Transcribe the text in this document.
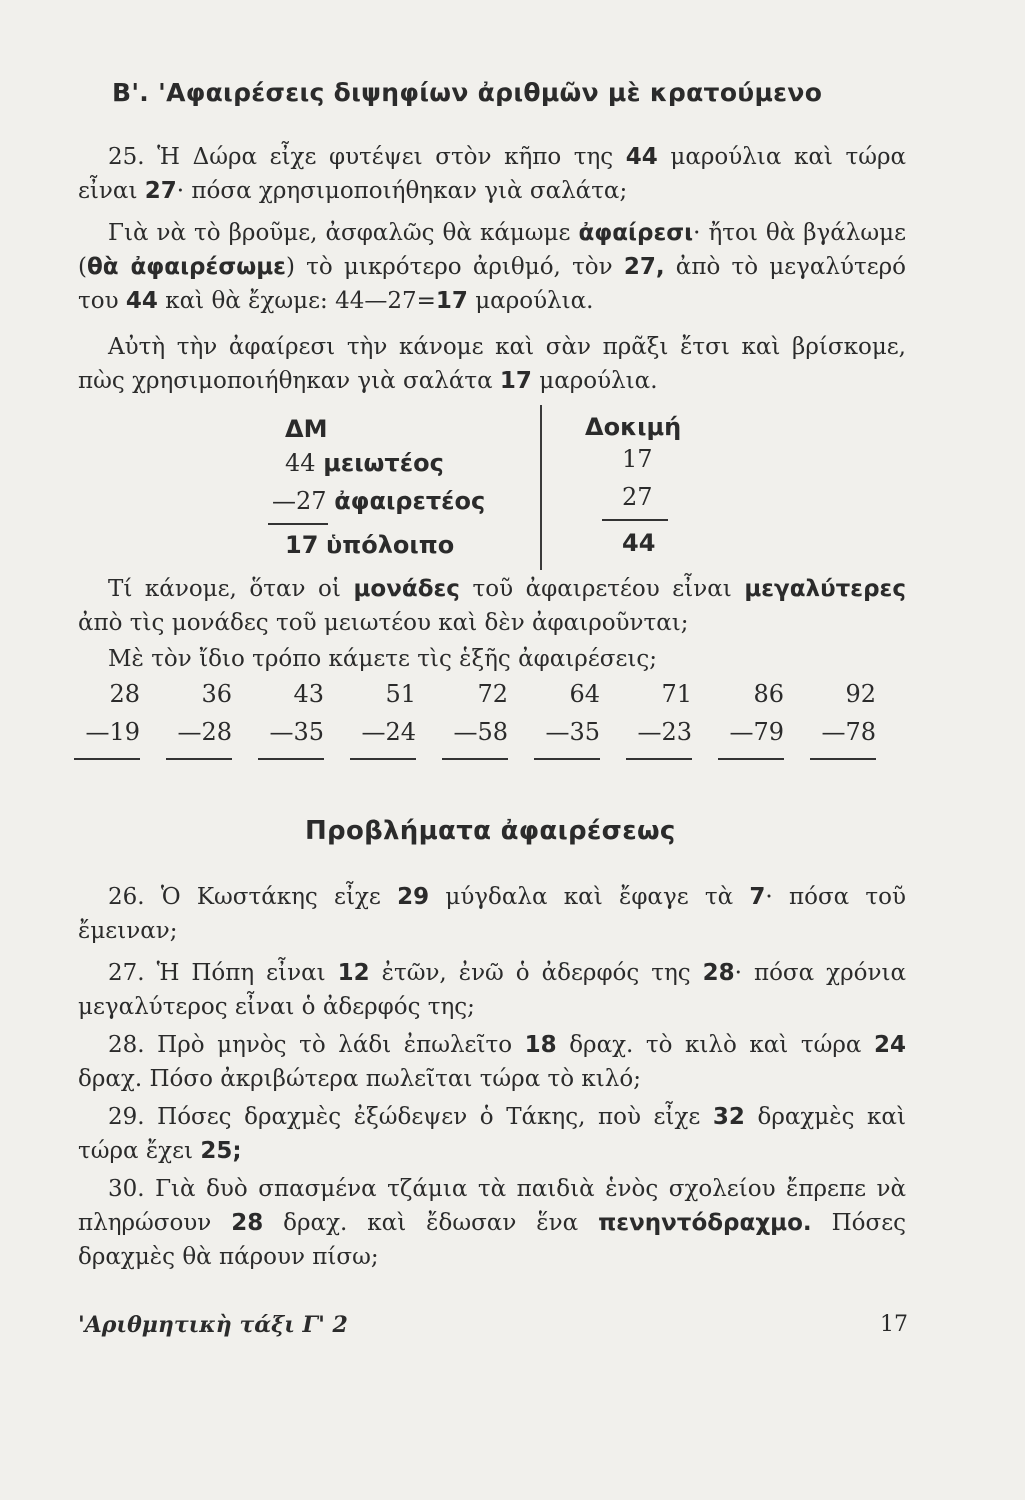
Β'. 'Αφαιρέσεις διψηφίων ἀριθμῶν μὲ κρατούμενο
25. Ἡ Δώρα εἶχε φυτέψει στὸν κῆπο της 44 μαρούλια καὶ τώρα εἶναι 27· πόσα χρησιμοποιήθηκαν γιὰ σαλάτα;
Γιὰ νὰ τὸ βροῦμε, ἀσφαλῶς θὰ κάμωμε ἀφαίρεσι· ἤτοι θὰ βγάλωμε (θὰ ἀφαιρέσωμε) τὸ μικρότερο ἀριθμό, τὸν 27, ἀπὸ τὸ μεγαλύτερό του 44 καὶ θὰ ἔχωμε: 44—27=17 μαρούλια.
Αὐτὴ τὴν ἀφαίρεσι τὴν κάνομε καὶ σὰν πρᾶξι ἔτσι καὶ βρίσκομε, πὼς χρησιμοποιήθηκαν γιὰ σαλάτα 17 μαρούλια.
ΔΜ	Δοκιμή
44 μειωτέος
—27 ἀφαιρετέος
17 ὑπόλοιπο
17
27
44
Τί κάνομε, ὅταν οἱ μονάδες τοῦ ἀφαιρετέου εἶναι μεγαλύτερες ἀπὸ τὶς μονάδες τοῦ μειωτέου καὶ δὲν ἀφαιροῦνται;
Μὲ τὸν ἴδιο τρόπο κάμετε τὶς ἑξῆς ἀφαιρέσεις;
28
—19
36
—28
43
—35
51
—24
72
—58
64
—35
71
—23
86
—79
92
—78
Προβλήματα ἀφαιρέσεως
26. Ὁ Κωστάκης εἶχε 29 μύγδαλα καὶ ἔφαγε τὰ 7· πόσα τοῦ ἔμειναν;
27. Ἡ Πόπη εἶναι 12 ἐτῶν, ἐνῶ ὁ ἀδερφός της 28· πόσα χρόνια μεγαλύτερος εἶναι ὁ ἀδερφός της;
28. Πρὸ μηνὸς τὸ λάδι ἐπωλεῖτο 18 δραχ. τὸ κιλὸ καὶ τώρα 24 δραχ. Πόσο ἀκριβώτερα πωλεῖται τώρα τὸ κιλό;
29. Πόσες δραχμὲς ἐξώδεψεν ὁ Τάκης, ποὺ εἶχε 32 δραχμὲς καὶ τώρα ἔχει 25;
30. Γιὰ δυὸ σπασμένα τζάμια τὰ παιδιὰ ἑνὸς σχολείου ἔπρεπε νὰ πληρώσουν 28 δραχ. καὶ ἔδωσαν ἕνα πενηντόδραχμο. Πόσες δραχμὲς θὰ πάρουν πίσω;
'Αριθμητικὴ τάξι Γ' 2	17
